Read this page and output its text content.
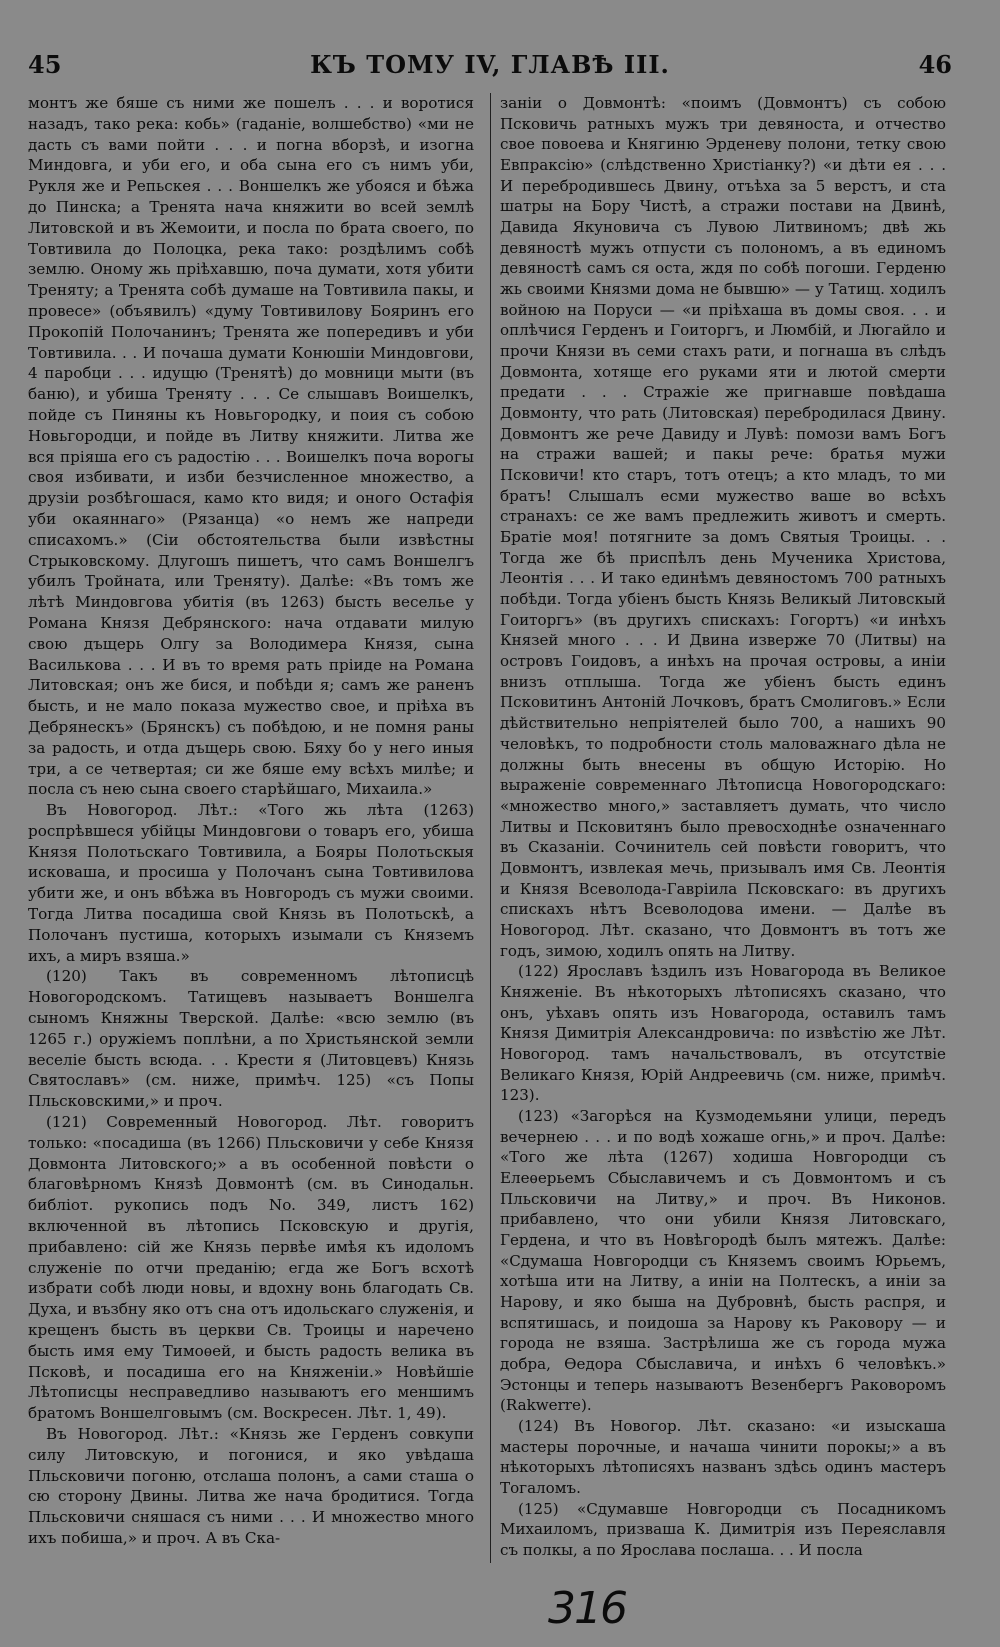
45	КЪ ТОМУ IV, ГЛАВѢ III.	46

монтъ же бяше съ ними же пошелъ . . . и воротися назадъ, тако река: кобь» (гаданіе, волшебство) «ми не дасть съ вами пойти . . . и погна вборзѣ, и изогна Миндовга, и уби его, и оба сына его съ нимъ уби, Рукля же и Репьскея . . . Воншелкъ же убояся и бѣжа до Пинска; а Тренята нача княжити во всей землѣ Литовской и въ Жемоити, и посла по брата своего, по Товтивила до Полоцка, река тако: роздѣлимъ собѣ землю. Оному жь пріѣхавшю, поча думати, хотя убити Треняту; а Тренята собѣ думаше на Товтивила пакы, и провесе» (объявилъ) «думу Товтивилову Бояринъ его Прокопій Полочанинъ; Тренята же попередивъ и уби Товтивила. . . И почаша думати Конюшіи Миндовгови, 4 паробци . . . идущю (Тренятѣ) до мовници мыти (въ баню), и убиша Треняту . . . Се слышавъ Воишелкъ, пойде съ Пиняны къ Новьгородку, и поия съ собою Новьгородци, и пойде въ Литву княжити. Литва же вся пріяша его съ радостію . . . Воишелкъ поча ворогы своя избивати, и изби безчисленное множество, а друзіи розбѣгошася, камо кто видя; и оного Остафія уби окаяннаго» (Рязанца) «о немъ же напреди списахомъ.» (Сіи обстоятельства были извѣстны Стрыковскому. Длугошъ пишетъ, что самъ Воншелгъ убилъ Тройната, или Треняту). Далѣе: «Въ томъ же лѣтѣ Миндовгова убитія (въ 1263) бысть веселье у Романа Князя Дебрянского: нача отдавати милую свою дъщерь Олгу за Володимера Князя, сына Василькова . . . И въ то время рать пріиде на Романа Литовская; онъ же бися, и побѣди я; самъ же раненъ бысть, и не мало показа мужество свое, и пріѣха въ Дебрянескъ» (Брянскъ) съ побѣдою, и не помня раны за радость, и отда дъщерь свою. Бяху бо у него иныя три, а се четвертая; си же бяше ему всѣхъ милѣе; и посла съ нею сына своего старѣйшаго, Михаила.»

Въ Новогород. Лѣт.: «Того жь лѣта (1263) роспрѣвшеся убійцы Миндовгови о товаръ его, убиша Князя Полотьскаго Товтивила, а Бояры Полотьскыя исковаша, и просиша у Полочанъ сына Товтивилова убити же, и онъ вбѣжа въ Новгородъ съ мужи своими. Тогда Литва посадиша свой Князь въ Полотьскѣ, а Полочанъ пустиша, которыхъ изымали съ Княземъ ихъ, а миръ взяша.»

(120) Такъ въ современномъ лѣтописцѣ Новогородскомъ. Татищевъ называетъ Воншелга сыномъ Княжны Тверской. Далѣе: «всю землю (въ 1265 г.) оружіемъ поплѣни, а по Христьянской земли веселіе бысть всюда. . . Крести я (Литовцевъ) Князь Святославъ» (см. ниже, примѣч. 125) «съ Попы Пльсковскими,» и проч.

(121) Современный Новогород. Лѣт. говоритъ только: «посадиша (въ 1266) Пльсковичи у себе Князя Довмонта Литовского;» а въ особенной повѣсти о благовѣрномъ Князѣ Довмонтѣ (см. въ Синодальн. библіот. рукопись подъ No. 349, листъ 162) включенной въ лѣтопись Псковскую и другія, прибавлено: сій же Князь первѣе имѣя къ идоломъ служеніе по отчи преданію; егда же Богъ всхотѣ избрати собѣ люди новы, и вдохну вонь благодать Св. Духа, и възбну яко отъ сна отъ идольскаго служенія, и крещенъ бысть въ церкви Св. Троицы и нареченo бысть имя ему Тимоѳей, и бысть радость велика въ Псковѣ, и посадиша его на Княженіи.» Новѣйшіе Лѣтописцы несправедливо называютъ его меншимъ братомъ Воншелговымъ (см. Воскресен. Лѣт. 1, 49).

Въ Новогород. Лѣт.: «Князь же Герденъ совкупи силу Литовскую, и погонися, и яко увѣдаша Пльсковичи погоню, отслаша полонъ, а сами сташа о сю сторону Двины. Литва же нача бродитися. Тогда Пльсковичи сняшася съ ними . . . И множество много ихъ побиша,» и проч. А въ Ска-

заніи о Довмонтѣ: «поимъ (Довмонтъ) съ собою Псковичь ратныхъ мужъ три девяноста, и отчество свое повоева и Княгиню Эрденеву полони, тетку свою Евпраксію» (слѣдственно Христіанку?) «и дѣти ея . . . И перебродившесь Двину, отъѣха за 5 верстъ, и ста шатры на Бору Чистѣ, а стражи постави на Двинѣ, Давида Якуновича съ Лувою Литвиномъ; двѣ жь девяностѣ мужъ отпусти съ полономъ, а въ единомъ девяностѣ самъ ся оста, ждя по собѣ погоши. Герденю жь своими Князми дома не бывшю» — у Татищ. ходилъ войною на Поруси — «и пріѣхаша въ домы своя. . . и оплѣчися Герденъ и Гоиторгъ, и Люмбій, и Люгайло и прочи Князи въ семи стахъ рати, и погнаша въ слѣдъ Довмонта, хотяще его руками яти и лютой смерти предати . . . Стражіе же пригнавше повѣдаша Довмонту, что рать (Литовская) перебродилася Двину. Довмонтъ же рече Давиду и Лувѣ: помози вамъ Богъ на стражи вашей; и пакы рече: братья мужи Псковичи! кто старъ, тотъ отецъ; а кто младъ, то ми братъ! Слышалъ есми мужество ваше во всѣхъ странахъ: се же вамъ предлежить животъ и смерть. Братіе моя! потягните за домъ Святыя Троицы. . . Тогда же бѣ приспѣлъ день Мученика Христова, Леонтія . . . И тако единѣмъ девяностомъ 700 ратныхъ побѣди. Тогда убіенъ бысть Князь Великый Литовскый Гоиторгъ» (въ другихъ спискахъ: Гогортъ) «и инѣхъ Князей много . . . И Двина изверже 70 (Литвы) на островъ Гоидовъ, а инѣхъ на прочая островы, а иніи внизъ отплыша. Тогда же убіенъ бысть единъ Псковитинъ Антоній Лочковъ, братъ Смолиговъ.» Если дѣйствительно непріятелей было 700, а нашихъ 90 человѣкъ, то подробности столь маловажнаго дѣла не должны быть внесены въ общую Исторію. Но выраженіе современнаго Лѣтописца Новогородскаго: «множество много,» заставляетъ думать, что число Литвы и Псковитянъ было превосходнѣе означеннаго въ Сказаніи. Сочинитель сей повѣсти говоритъ, что Довмонтъ, извлекая мечь, призывалъ имя Св. Леонтія и Князя Всеволода-Гавріила Псковскаго: въ другихъ спискахъ нѣтъ Всеволодова имени. — Далѣе въ Новогород. Лѣт. сказано, что Довмонтъ въ тотъ же годъ, зимою, ходилъ опять на Литву.

(122) Ярославъ ѣздилъ изъ Новагорода въ Великое Княженіе. Въ нѣкоторыхъ лѣтописяхъ сказано, что онъ, уѣхавъ опять изъ Новагорода, оставилъ тамъ Князя Димитрія Александровича: по извѣстію же Лѣт. Новогород. тамъ начальствовалъ, въ отсутствіе Великаго Князя, Юрій Андреевичь (см. ниже, примѣч. 123).

(123) «Загорѣся на Кузмодемьяни улици, передъ вечернею . . . и по водѣ хожаше огнь,» и проч. Далѣе: «Того же лѣта (1267) ходиша Новгородци съ Елеѳерьемъ Сбыславичемъ и съ Довмонтомъ и съ Пльсковичи на Литву,» и проч. Въ Никонов. прибавлено, что они убили Князя Литовскаго, Гердена, и что въ Новѣгородѣ былъ мятежъ. Далѣе: «Сдумаша Новгородци съ Княземъ своимъ Юрьемъ, хотѣша ити на Литву, а иніи на Полтескъ, а иніи за Нарову, и яко быша на Дубровнѣ, бысть распря, и вспятишась, и поидоша за Нарову къ Раковору — и города не взяша. Застрѣлиша же съ города мужа добра, Ѳедора Сбыславича, и инѣхъ 6 человѣкъ.» Эстонцы и теперь называютъ Везенбергъ Раковоромъ (Rakwerre).

(124) Въ Новогор. Лѣт. сказано: «и изыскаша мастеры порочные, и начаша чинити порокы;» а въ нѣкоторыхъ лѣтописяхъ названъ здѣсь одинъ мастеръ Тогаломъ.

(125) «Сдумавше Новгородци съ Посадникомъ Михаиломъ, призваша К. Димитрія изъ Переяславля съ полкы, а по Ярослава послаша. . . И посла

316
